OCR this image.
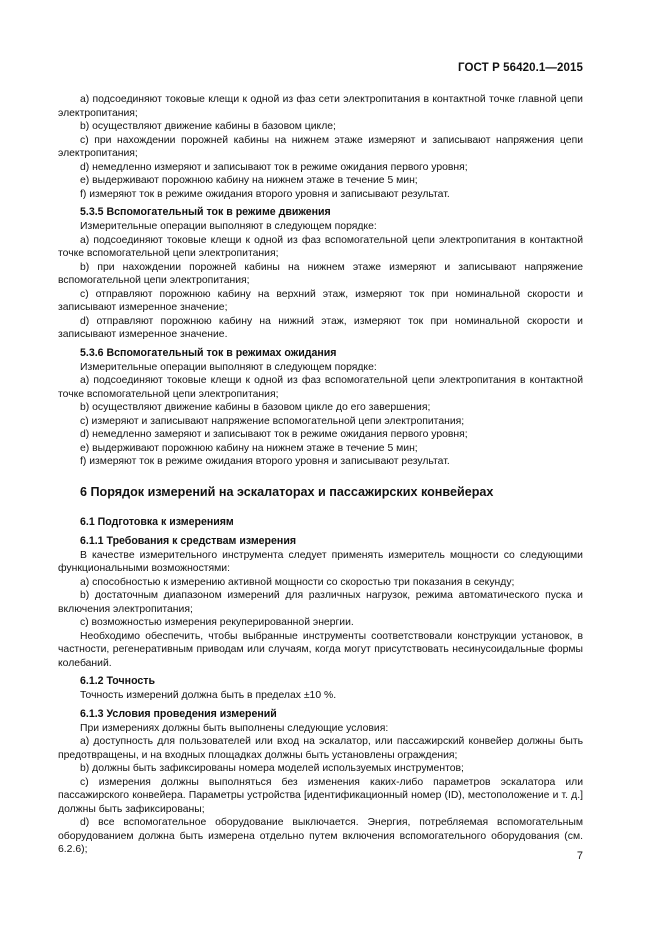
ГОСТ Р 56420.1—2015

a) подсоединяют токовые клещи к одной из фаз сети электропитания в контактной точке главной цепи электропитания;

b) осуществляют движение кабины в базовом цикле;

c) при нахождении порожней кабины на нижнем этаже измеряют и записывают напряжения цепи электропитания;

d) немедленно измеряют и записывают ток в режиме ожидания первого уровня;

e) выдерживают порожнюю кабину на нижнем этаже в течение 5 мин;

f) измеряют ток в режиме ожидания второго уровня и записывают результат.

5.3.5 Вспомогательный ток в режиме движения

Измерительные операции выполняют в следующем порядке:

a) подсоединяют токовые клещи к одной из фаз вспомогательной цепи электропитания в контактной точке вспомогательной цепи электропитания;

b) при нахождении порожней кабины на нижнем этаже измеряют и записывают напряжение вспомогательной цепи электропитания;

c) отправляют порожнюю кабину на верхний этаж, измеряют ток при номинальной скорости и записывают измеренное значение;

d) отправляют порожнюю кабину на нижний этаж, измеряют ток при номинальной скорости и записывают измеренное значение.

5.3.6 Вспомогательный ток в режимах ожидания

Измерительные операции выполняют в следующем порядке:

a) подсоединяют токовые клещи к одной из фаз вспомогательной цепи электропитания в контактной точке вспомогательной цепи электропитания;

b) осуществляют движение кабины в базовом цикле до его завершения;

c) измеряют и записывают напряжение вспомогательной цепи электропитания;

d) немедленно замеряют и записывают ток в режиме ожидания первого уровня;

e) выдерживают порожнюю кабину на нижнем этаже в течение 5 мин;

f) измеряют ток в режиме ожидания второго уровня и записывают результат.

6 Порядок измерений на эскалаторах и пассажирских конвейерах
6.1 Подготовка к измерениям
6.1.1 Требования к средствам измерения

В качестве измерительного инструмента следует применять измеритель мощности со следующими функциональными возможностями:

a) способностью к измерению активной мощности со скоростью три показания в секунду;

b) достаточным диапазоном измерений для различных нагрузок, режима автоматического пуска и включения электропитания;

c) возможностью измерения рекуперированной энергии.

Необходимо обеспечить, чтобы выбранные инструменты соответствовали конструкции установок, в частности, регенеративным приводам или случаям, когда могут присутствовать несинусоидальные формы колебаний.

6.1.2 Точность

Точность измерений должна быть в пределах ±10 %.

6.1.3 Условия проведения измерений

При измерениях должны быть выполнены следующие условия:

a) доступность для пользователей или вход на эскалатор, или пассажирский конвейер должны быть предотвращены, и на входных площадках должны быть установлены ограждения;

b) должны быть зафиксированы номера моделей используемых инструментов;

c) измерения должны выполняться без изменения каких-либо параметров эскалатора или пассажирского конвейера. Параметры устройства [идентификационный номер (ID), местоположение и т. д.] должны быть зафиксированы;

d) все вспомогательное оборудование выключается. Энергия, потребляемая вспомогательным оборудованием должна быть измерена отдельно путем включения вспомогательного оборудования (см. 6.2.6);

7
